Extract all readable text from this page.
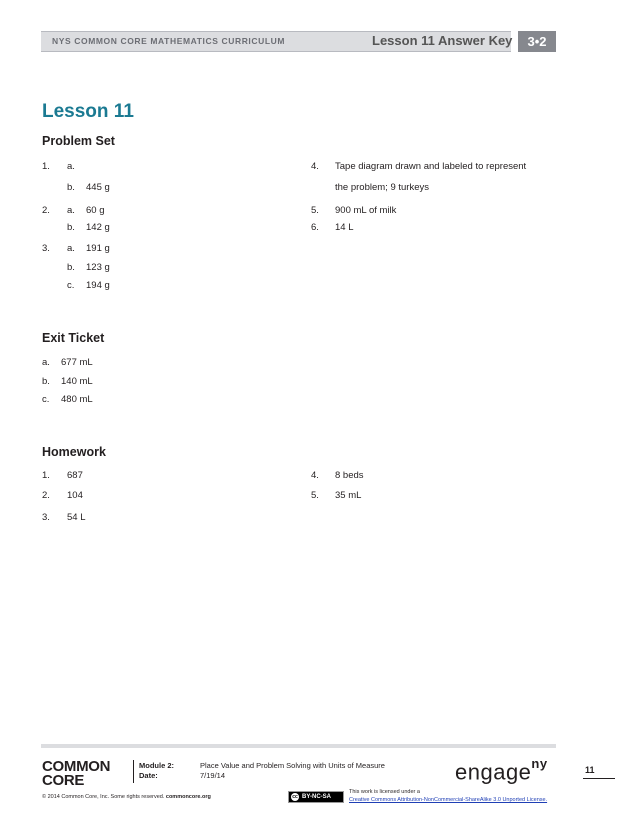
NYS COMMON CORE MATHEMATICS CURRICULUM	Lesson 11 Answer Key	3•2
Lesson 11
Problem Set
1. a.
b. 445 g
2. a. 60 g
b. 142 g
3. a. 191 g
b. 123 g
c. 194 g
4. Tape diagram drawn and labeled to represent
the problem; 9 turkeys
5. 900 mL of milk
6. 14 L
Exit Ticket
a. 677 mL
b. 140 mL
c. 480 mL
Homework
1. 687
2. 104
3. 54 L
4. 8 beds
5. 35 mL
COMMON
CORE
Module 2:	Place Value and Problem Solving with Units of Measure
Date:	7/19/14	engage$^{ny}$	11
© 2014 Common Core, Inc. Some rights reserved. commoncore.org	cc BY-NC-SA
This work is licensed under a
Creative Commons Attribution-NonCommercial-ShareAlike 3.0 Unported License.
